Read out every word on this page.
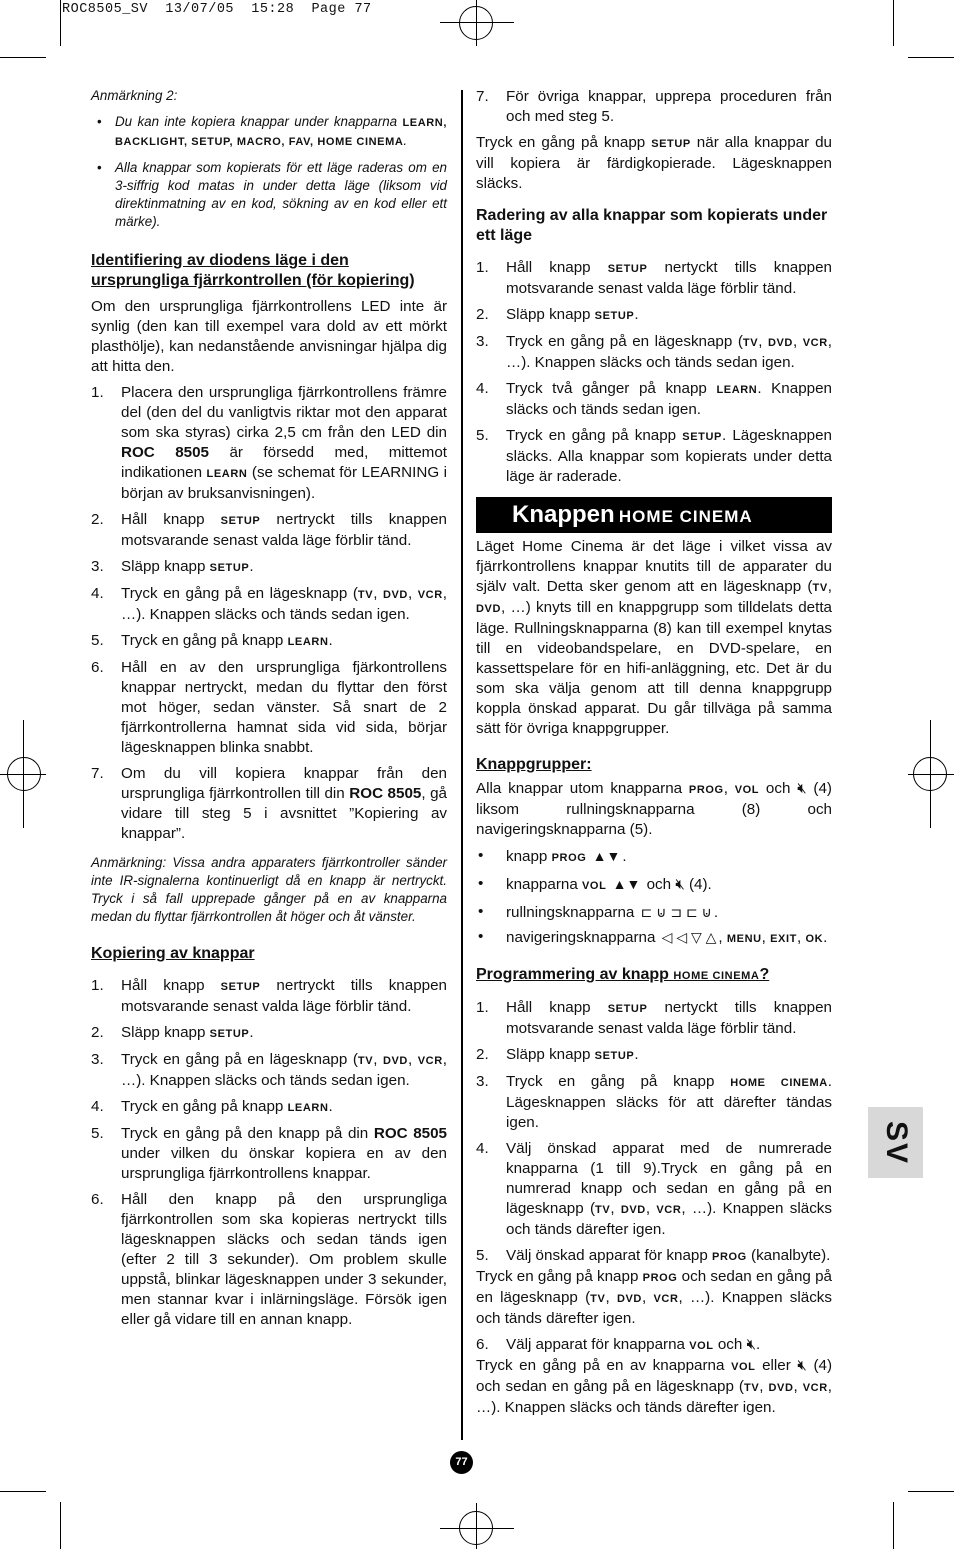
ROC8505_SV  13/07/05  15:28  Page 77

Anmärkning 2:

• Du kan inte kopiera knappar under knapparna LEARN, BACKLIGHT, SETUP, MACRO, FAV, HOME CINEMA.
• Alla knappar som kopierats för ett läge raderas om en 3-siffrig kod matas in under detta läge (liksom vid direktinmatning av en kod, sökning av en kod eller ett märke).
Identifiering av diodens läge i den ursprungliga fjärrkontrollen (för kopiering)

Om den ursprungliga fjärrkontrollens LED inte är synlig (den kan till exempel vara dold av ett mörkt plasthölje), kan nedanstående anvisningar hjälpa dig att hitta den.

1. Placera den ursprungliga fjärrkontrollens främre del (den del du vanligtvis riktar mot den apparat som ska styras) cirka 2,5 cm från den LED din ROC 8505 är försedd med, mittemot indikationen LEARN (se schemat för LEARNING i början av bruksanvisningen).
2. Håll knapp SETUP nertryckt tills knappen motsvarande senast valda läge förblir tänd.
3. Släpp knapp SETUP.
4. Tryck en gång på en lägesknapp (TV, DVD, VCR, …). Knappen släcks och tänds sedan igen.
5. Tryck en gång på knapp LEARN.
6. Håll en av den ursprungliga fjärkontrollens knappar nertryckt, medan du flyttar den först mot höger, sedan vänster. Så snart de 2 fjärrkontrollerna hamnat sida vid sida, börjar lägesknappen blinka snabbt.
7. Om du vill kopiera knappar från den ursprungliga fjärrkontrollen till din ROC 8505, gå vidare till steg 5 i avsnittet ”Kopiering av knappar”.

Anmärkning: Vissa andra apparaters fjärrkontroller sänder inte IR-signalerna kontinuerligt då en knapp är nertryckt. Tryck i så fall upprepade gånger på en av knapparna medan du flyttar fjärrkontrollen åt höger och åt vänster.

Kopiering av knappar
1. Håll knapp SETUP nertryckt tills knappen motsvarande senast valda läge förblir tänd.
2. Släpp knapp SETUP.
3. Tryck en gång på en lägesknapp (TV, DVD, VCR, …). Knappen släcks och tänds sedan igen.
4. Tryck en gång på knapp LEARN.
5. Tryck en gång på den knapp på din ROC 8505 under vilken du önskar kopiera en av den ursprungliga fjärrkontrollens knappar.
6. Håll den knapp på den ursprungliga fjärrkontrollen som ska kopieras nertryckt tills lägesknappen släcks och sedan tänds igen (efter 2 till 3 sekunder). Om problem skulle uppstå, blinkar lägesknappen under 3 sekunder, men stannar kvar i inlärningsläge. Försök igen eller gå vidare till en annan knapp.
7. För övriga knappar, upprepa proceduren från och med steg 5.

Tryck en gång på knapp SETUP när alla knappar du vill kopiera är färdigkopierade. Lägesknappen släcks.

Radering av alla knappar som kopierats under ett läge
1. Håll knapp SETUP nertyckt tills knappen motsvarande senast valda läge förblir tänd.
2. Släpp knapp SETUP.
3. Tryck en gång på en lägesknapp (TV, DVD, VCR, …). Knappen släcks och tänds sedan igen.
4. Tryck två gånger på knapp LEARN. Knappen släcks och tänds sedan igen.
5. Tryck en gång på knapp SETUP. Lägesknappen släcks. Alla knappar som kopierats under detta läge är raderade.
Knappen HOME CINEMA

Läget Home Cinema är det läge i vilket vissa av fjärrkontrollens knappar knutits till de apparater du själv valt. Detta sker genom att en lägesknapp (TV, DVD, …) knyts till en knappgrupp som tilldelats detta läge. Rullningsknapparna (8) kan till exempel knytas till en videobandspelare, en DVD-spelare, en kassettspelare för en hifi-anläggning, etc. Det är du som ska välja genom att till denna knappgrupp koppla önskad apparat. Du går tillväga på samma sätt för övriga knappgrupper.

Knappgrupper:

Alla knappar utom knapparna PROG, VOL och 🔇︎ (4) liksom rullningsknapparna (8) och navigeringsknapparna (5).

• knapp PROG ▲▼ .
• knapparna VOL ▲▼ och 🔇︎ (4).
• rullningsknapparna ⊏ ⊍ ⊐ ⊏ ⊍ .
• navigeringsknapparna ◁ ◁ ▽ △ , MENU, EXIT, OK.
Programmering av knapp HOME CINEMA?
1. Håll knapp SETUP nertyckt tills knappen motsvarande senast valda läge förblir tänd.
2. Släpp knapp SETUP.
3. Tryck en gång på knapp HOME CINEMA. Lägesknappen släcks för att därefter tändas igen.
4. Välj önskad apparat med de numrerade knapparna (1 till 9).Tryck en gång på en numrerad knapp och sedan en gång på en lägesknapp (TV, DVD, VCR, …). Knappen släcks och tänds därefter igen.
5. Välj önskad apparat för knapp PROG (kanalbyte).

Tryck en gång på knapp PROG och sedan en gång på en lägesknapp (TV, DVD, VCR, …). Knappen släcks och tänds därefter igen.

6. Välj apparat för knapparna VOL och 🔇︎.

Tryck en gång på en av knapparna VOL eller 🔇︎ (4) och sedan en gång på en lägesknapp (TV, DVD, VCR, …). Knappen släcks och tänds därefter igen.

SV
77
